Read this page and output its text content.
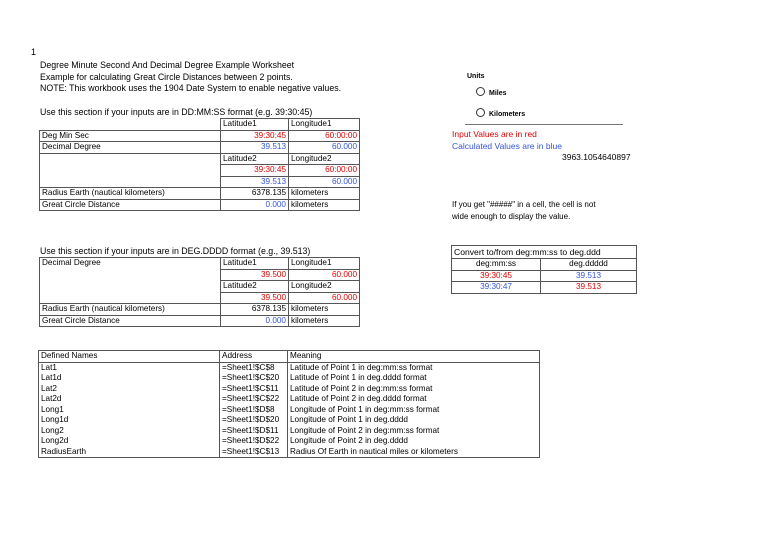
1
Degree Minute Second And Decimal Degree Example Worksheet
Example for calculating Great Circle Distances between 2 points.
NOTE: This workbook uses the 1904 Date System to enable negative values.
Use this section if your inputs are in DD:MM:SS format (e.g. 39:30:45)
	Latitude1	Longitude1	
Deg Min Sec	39:30:45	60:00:00	
Decimal Degree	39.513	60.000	
	Latitude2	Longitude2	
	39:30:45	60:00:00	
	39.513	60.000	
Radius Earth (nautical kilometers)	6378.135	kilometers	
Great Circle Distance	0.000	kilometers	
Units
Miles
Kilometers
Input Values are in red
Calculated Values are in blue
3963.1054640897
If you get "#####" in a cell, the cell is not
wide enough to display the value.
Use this section if your inputs are in DEG.DDDD format (e.g., 39.513)
Decimal Degree	Latitude1	Longitude1	
	39.500	60.000	
	Latitude2	Longitude2	
	39.500	60.000	
Radius Earth (nautical kilometers)	6378.135	kilometers	
Great Circle Distance	0.000	kilometers	
Convert to/from deg:mm:ss to deg.ddd	
deg:mm:ss	deg.ddddd
39:30:45	39.513
39:30:47	39.513
Defined Names	Address	Meaning
Lat1	=Sheet1!$C$8	Latitude of Point 1 in deg:mm:ss format
Lat1d	=Sheet1!$C$20	Latitude of Point 1 in deg.dddd format
Lat2	=Sheet1!$C$11	Latitude of Point 2 in deg:mm:ss format
Lat2d	=Sheet1!$C$22	Latitude of Point 2 in deg.dddd format
Long1	=Sheet1!$D$8	Longitude of Point 1 in deg:mm:ss format
Long1d	=Sheet1!$D$20	Longitude of Point 1 in deg.dddd
Long2	=Sheet1!$D$11	Longitude of Point 2 in deg:mm:ss format
Long2d	=Sheet1!$D$22	Longitude of Point 2 in deg.dddd
RadiusEarth	=Sheet1!$C$13	Radius Of Earth in nautical miles or kilometers
